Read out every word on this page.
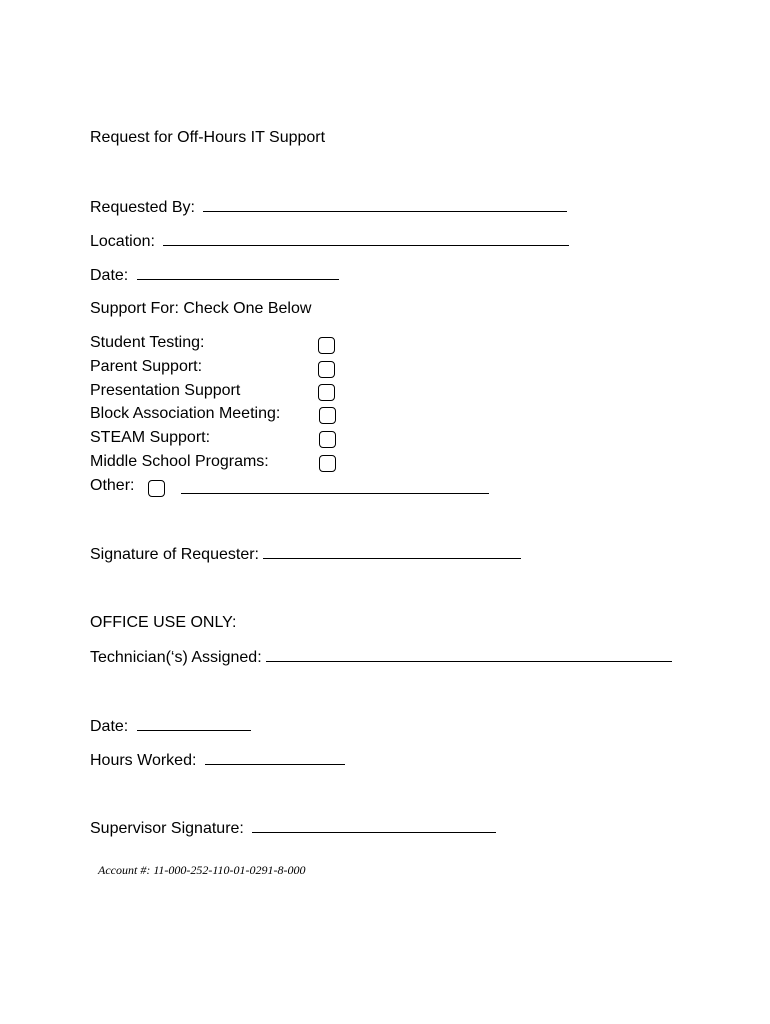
Request for Off-Hours IT Support
Requested By:
Location:
Date:
Support For: Check One Below
Student Testing:
Parent Support:
Presentation Support
Block Association Meeting:
STEAM Support:
Middle School Programs:
Other:
Signature of Requester:
OFFICE USE ONLY:
Technician(‘s) Assigned:
Date:
Hours Worked:
Supervisor Signature:
Account #: 11-000-252-110-01-0291-8-000
